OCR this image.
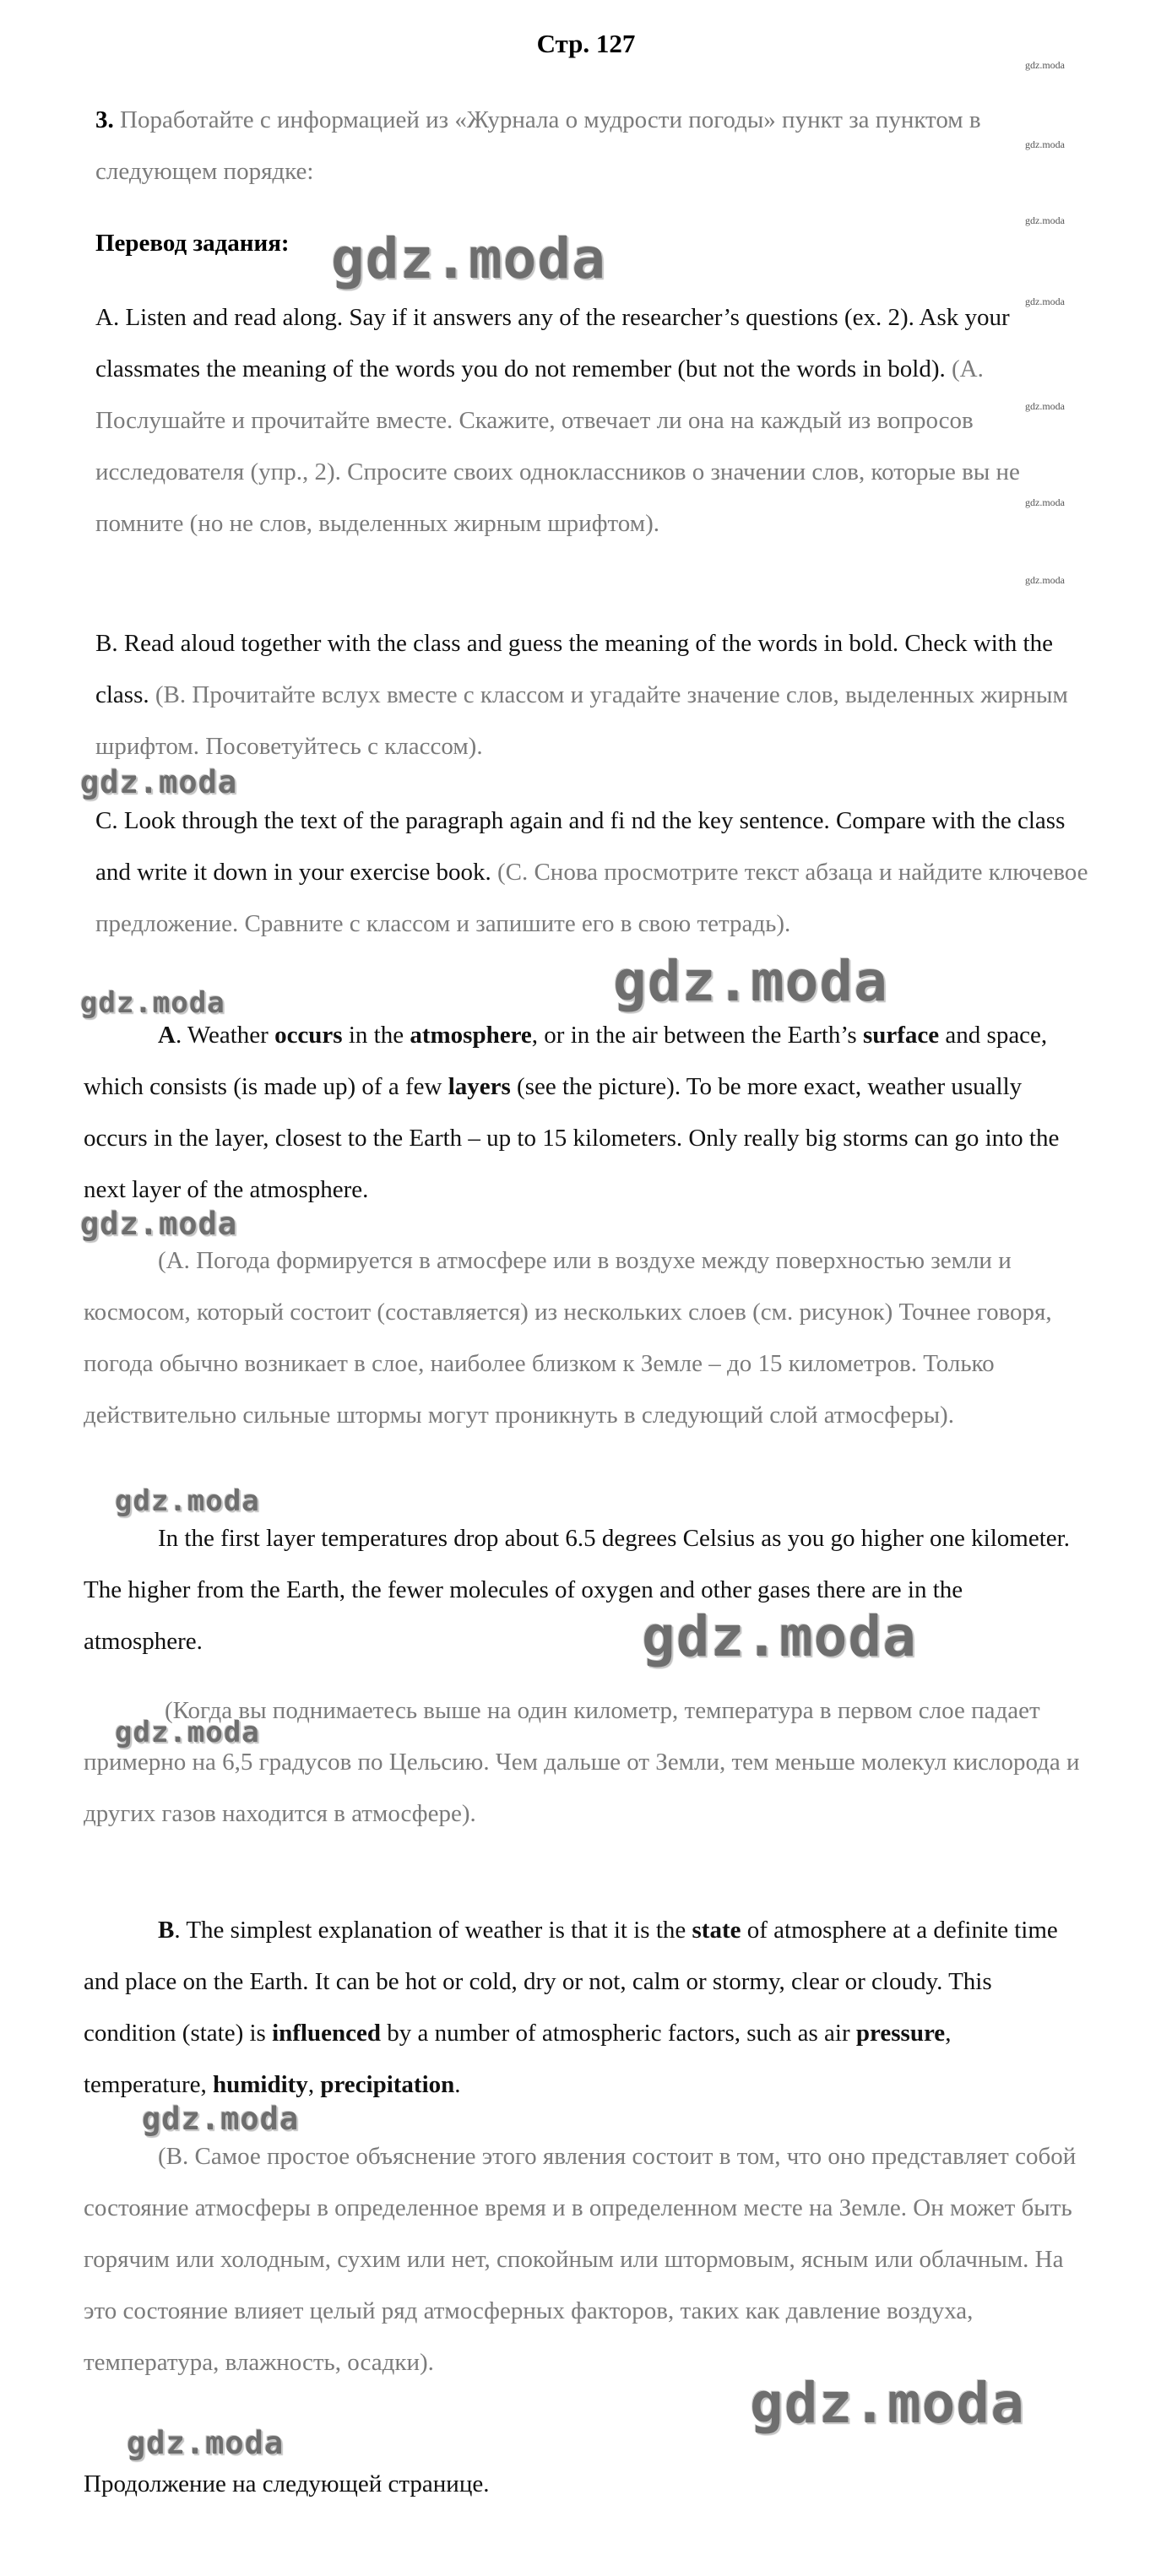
Стр. 127
gdz.moda
gdz.moda
gdz.moda
gdz.moda
gdz.moda
gdz.moda
gdz.moda
3. Поработайте с информацией из «Журнала о мудрости погоды» пункт за пунктом в следующем порядке:
Перевод задания:
A. Listen and read along. Say if it answers any of the researcher’s questions (ex. 2). Ask your classmates the meaning of the words you do not remember (but not the words in bold). (А. Послушайте и прочитайте вместе. Скажите, отвечает ли она на каждый из вопросов исследователя (упр., 2). Спросите своих одноклассников о значении слов, которые вы не помните (но не слов, выделенных жирным шрифтом).
B. Read aloud together with the class and guess the meaning of the words in bold. Check with the class. (В. Прочитайте вслух вместе с классом и угадайте значение слов, выделенных жирным шрифтом. Посоветуйтесь с классом).
C. Look through the text of the paragraph again and fi nd the key sentence. Compare with the class and write it down in your exercise book. (С. Снова просмотрите текст абзаца и найдите ключевое предложение. Сравните с классом и запишите его в свою тетрадь).
A. Weather occurs in the atmosphere, or in the air between the Earth’s surface and space, which consists (is made up) of a few layers (see the picture). To be more exact, weather usually occurs in the layer, closest to the Earth – up to 15 kilometers. Only really big storms can go into the next layer of the atmosphere.
(А. Погода формируется в атмосфере или в воздухе между поверхностью земли и космосом, который состоит (составляется) из нескольких слоев (см. рисунок) Точнее говоря, погода обычно возникает в слое, наиболее близком к Земле – до 15 километров. Только действительно сильные штормы могут проникнуть в следующий слой атмосферы).
In the first layer temperatures drop about 6.5 degrees Celsius as you go higher one kilometer. The higher from the Earth, the fewer molecules of oxygen and other gases there are in the atmosphere.
(Когда вы поднимаетесь выше на один километр, температура в первом слое падает примерно на 6,5 градусов по Цельсию. Чем дальше от Земли, тем меньше молекул кислорода и других газов находится в атмосфере).
B. The simplest explanation of weather is that it is the state of atmosphere at a definite time and place on the Earth. It can be hot or cold, dry or not, calm or stormy, clear or cloudy. This condition (state) is influenced by a number of atmospheric factors, such as air pressure, temperature, humidity, precipitation.
(В. Самое простое объяснение этого явления состоит в том, что оно представляет собой состояние атмосферы в определенное время и в определенном месте на Земле. Он может быть горячим или холодным, сухим или нет, спокойным или штормовым, ясным или облачным. На это состояние влияет целый ряд атмосферных факторов, таких как давление воздуха, температура, влажность, осадки).
Продолжение на следующей странице.
gdz.moda
gdz.moda
gdz.moda
gdz.moda
gdz.moda
gdz.moda
gdz.moda
gdz.moda
gdz.moda
gdz.moda
gdz.moda
